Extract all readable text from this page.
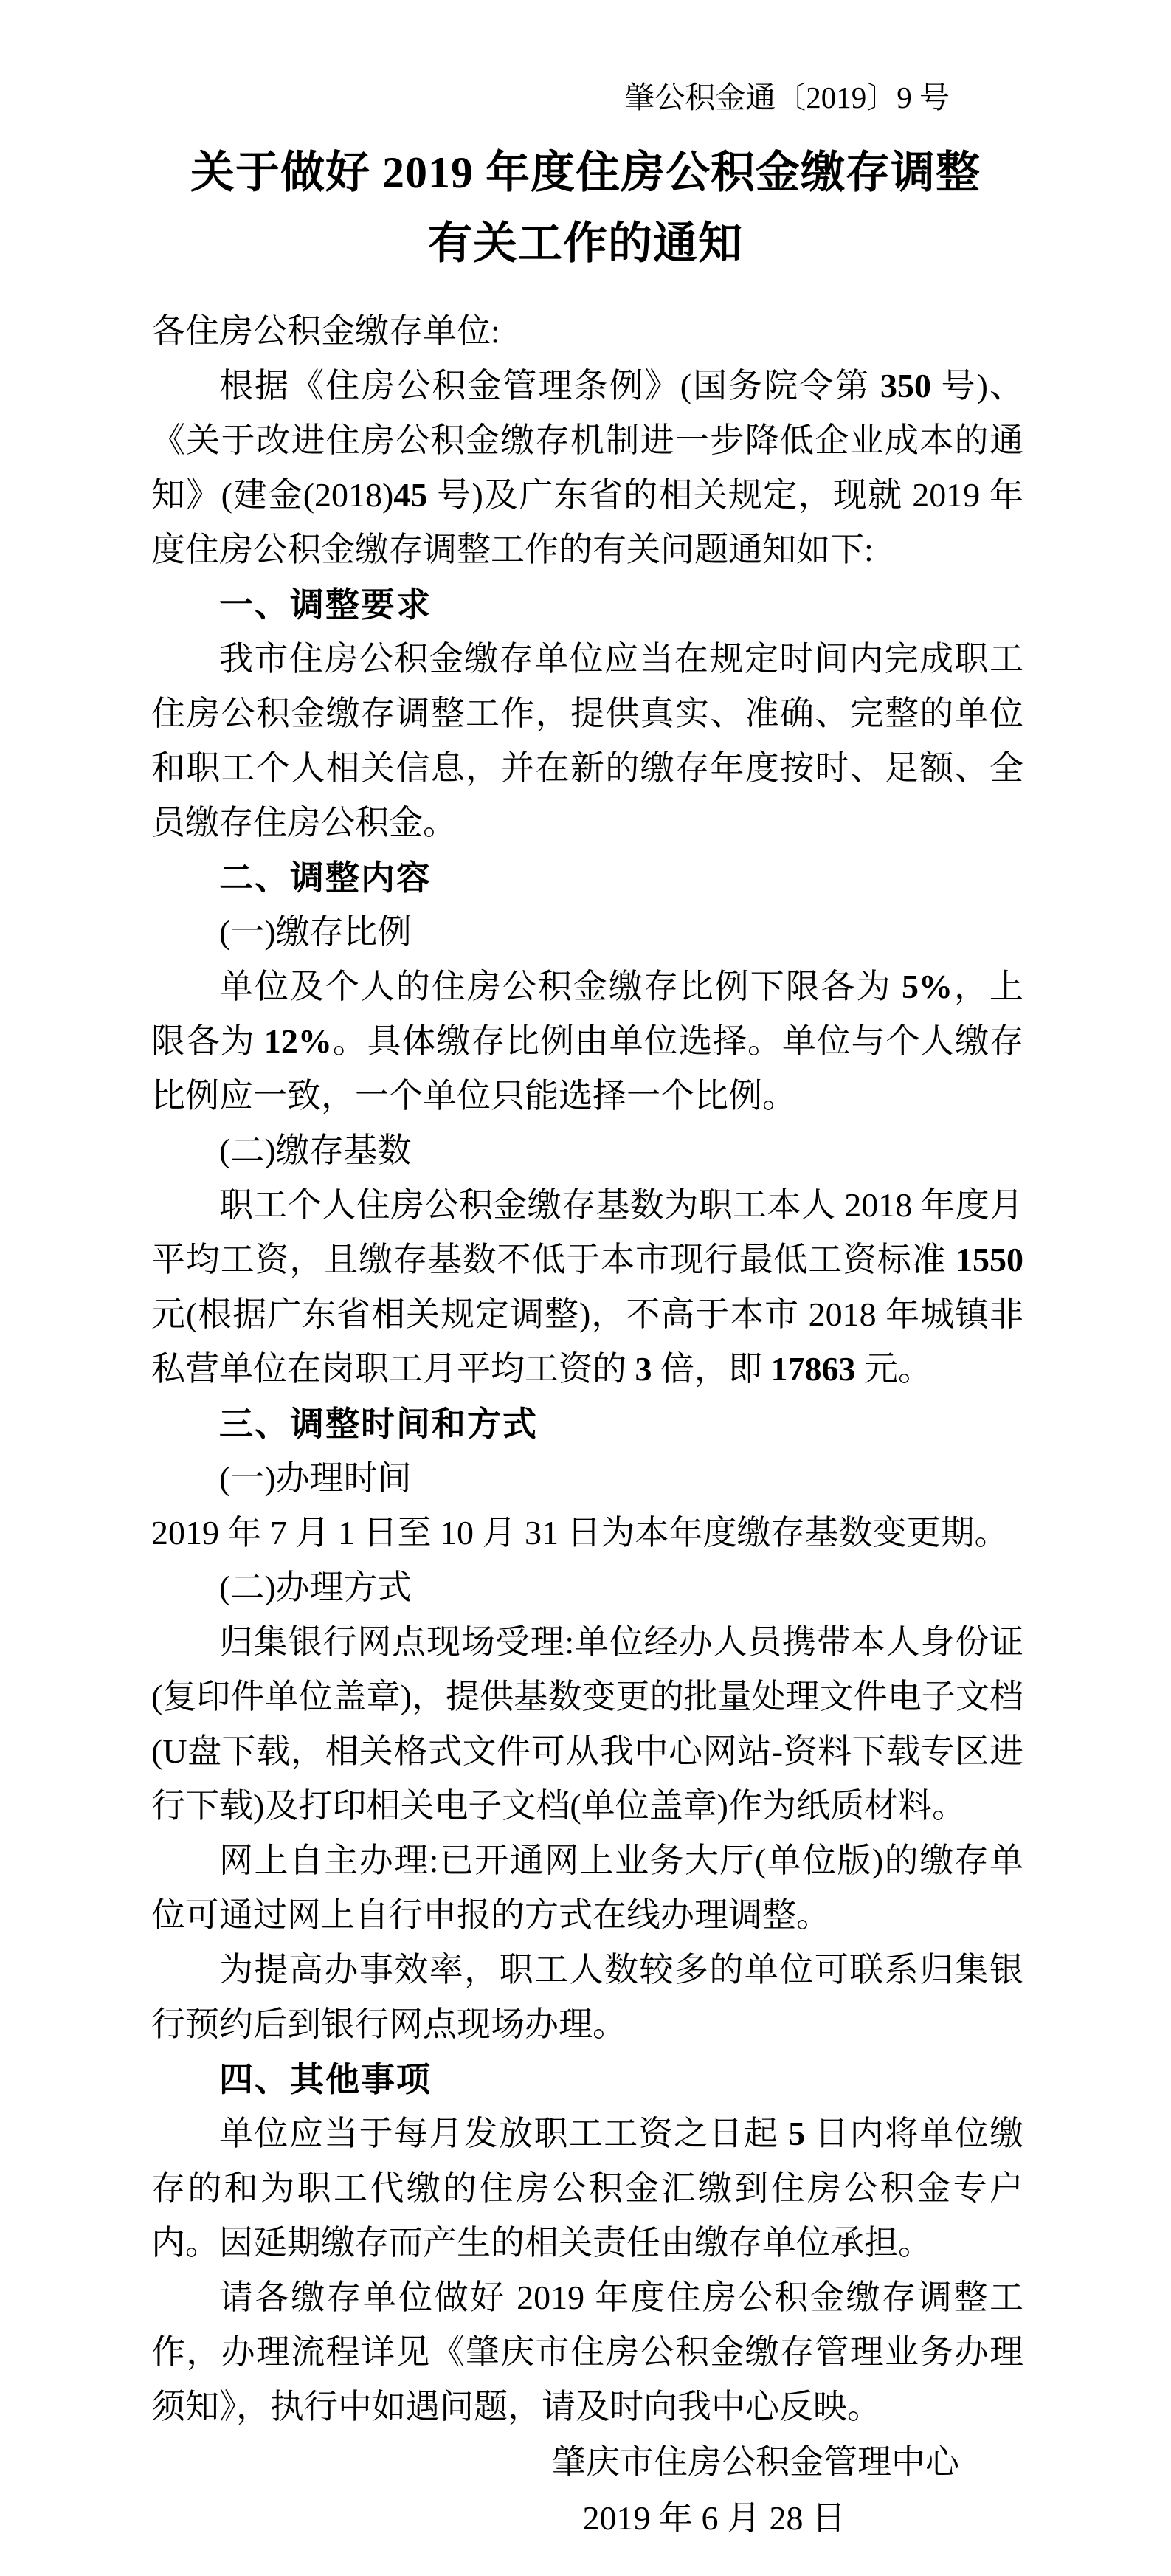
肇公积金通〔2019〕9 号
关于做好 2019 年度住房公积金缴存调整
有关工作的通知

各住房公积金缴存单位:

根据《住房公积金管理条例》(国务院令第 350 号)、《关于改进住房公积金缴存机制进一步降低企业成本的通知》(建金(2018)45 号)及广东省的相关规定，现就 2019 年度住房公积金缴存调整工作的有关问题通知如下:

一、调整要求

我市住房公积金缴存单位应当在规定时间内完成职工住房公积金缴存调整工作，提供真实、准确、完整的单位和职工个人相关信息，并在新的缴存年度按时、足额、全员缴存住房公积金。

二、调整内容

(一)缴存比例

单位及个人的住房公积金缴存比例下限各为 5%，上限各为 12%。具体缴存比例由单位选择。单位与个人缴存比例应一致，一个单位只能选择一个比例。

(二)缴存基数

职工个人住房公积金缴存基数为职工本人 2018 年度月平均工资，且缴存基数不低于本市现行最低工资标准 1550 元(根据广东省相关规定调整)，不高于本市 2018 年城镇非私营单位在岗职工月平均工资的 3 倍，即 17863 元。

三、调整时间和方式

(一)办理时间

2019 年 7 月 1 日至 10 月 31 日为本年度缴存基数变更期。

(二)办理方式

归集银行网点现场受理:单位经办人员携带本人身份证(复印件单位盖章)，提供基数变更的批量处理文件电子文档(U盘下载，相关格式文件可从我中心网站-资料下载专区进行下载)及打印相关电子文档(单位盖章)作为纸质材料。

网上自主办理:已开通网上业务大厅(单位版)的缴存单位可通过网上自行申报的方式在线办理调整。

为提高办事效率，职工人数较多的单位可联系归集银行预约后到银行网点现场办理。

四、其他事项

单位应当于每月发放职工工资之日起 5 日内将单位缴存的和为职工代缴的住房公积金汇缴到住房公积金专户内。因延期缴存而产生的相关责任由缴存单位承担。

请各缴存单位做好 2019 年度住房公积金缴存调整工作，办理流程详见《肇庆市住房公积金缴存管理业务办理须知》，执行中如遇问题，请及时向我中心反映。

肇庆市住房公积金管理中心
2019 年 6 月 28 日
